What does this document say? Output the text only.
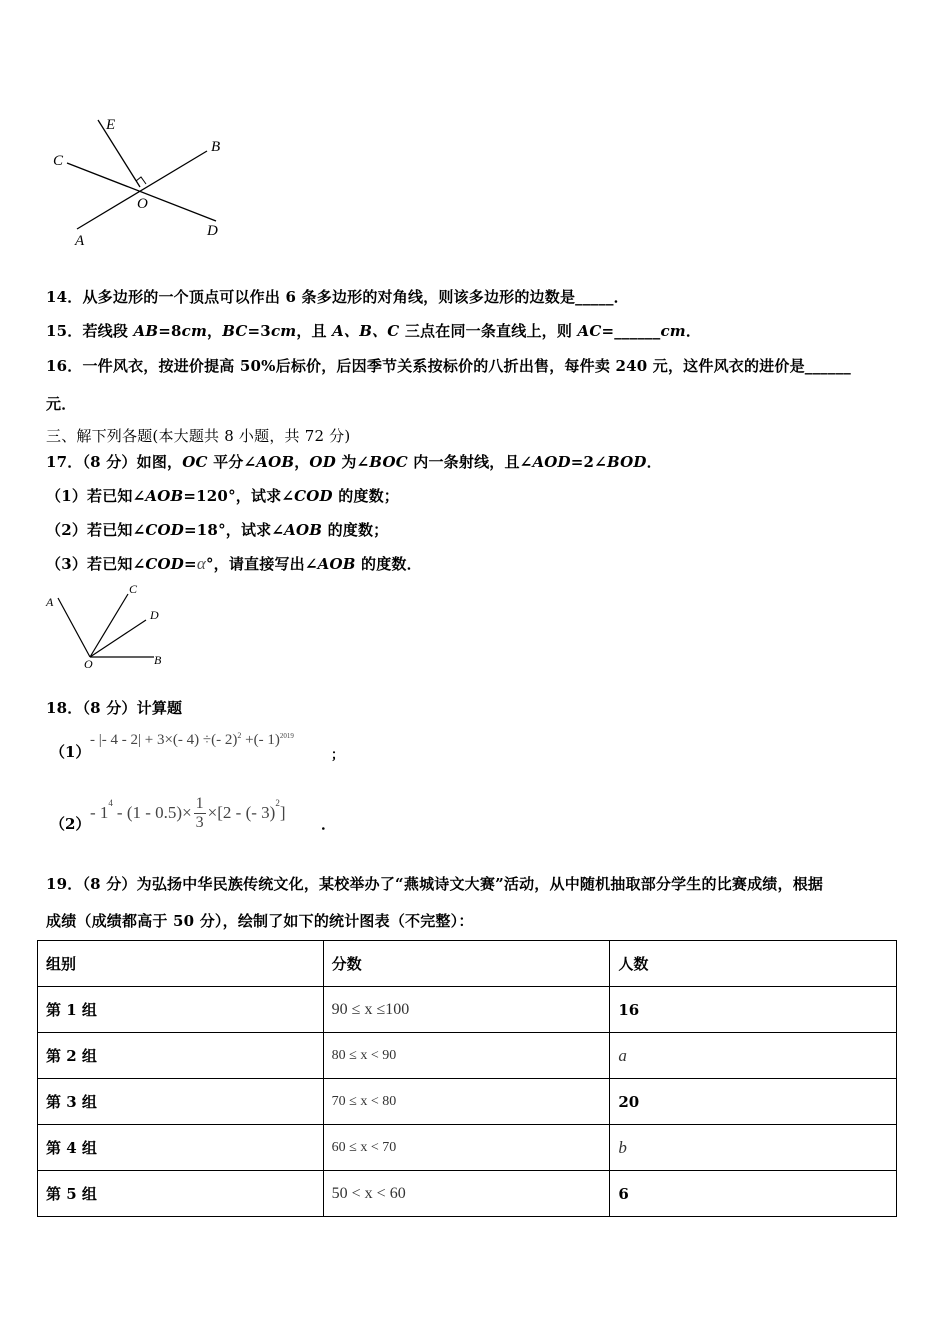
E
C
B
O
A
D
14．从多边形的一个顶点可以作出 6 条多边形的对角线，则该多边形的边数是_____．
15．若线段 AB=8cm，BC=3cm，且 A、B、C 三点在同一条直线上，则 AC=______cm．
16．一件风衣，按进价提高 50%后标价，后因季节关系按标价的八折出售，每件卖 240 元，这件风衣的进价是______
元．
三、解下列各题(本大题共 8 小题，共 72 分)
17．（8 分）如图，OC 平分∠AOB，OD 为∠BOC 内一条射线，且∠AOD=2∠BOD．
（1）若已知∠AOB=120°，试求∠COD 的度数；
（2）若已知∠COD=18°，试求∠AOB 的度数；
（3）若已知∠COD=α°，请直接写出∠AOB 的度数．
A
C
D
O	B
18．（8 分）计算题
（1）
- |- 4 - 2| + 3×(- 4) ÷(- 2)$^2$ +(- 1)$^{2019}$
；
（2）
- $1^4 - (1 - 0.5)\times \frac{1}{3} \times[2$ - (- 3)$^2$ ]
．
19．（8 分）为弘扬中华民族传统文化，某校举办了“燕城诗文大赛”活动，从中随机抽取部分学生的比赛成绩，根据
成绩（成绩都高于 50 分），绘制了如下的统计图表（不完整）：
组别	分数	人数
第 1 组	90 ≤ x ≤100	16
第 2 组	80 ≤ x < 90	a
第 3 组	70 ≤ x < 80	20
第 4 组	60 ≤ x < 70	b
第 5 组	50 < x < 60	6
